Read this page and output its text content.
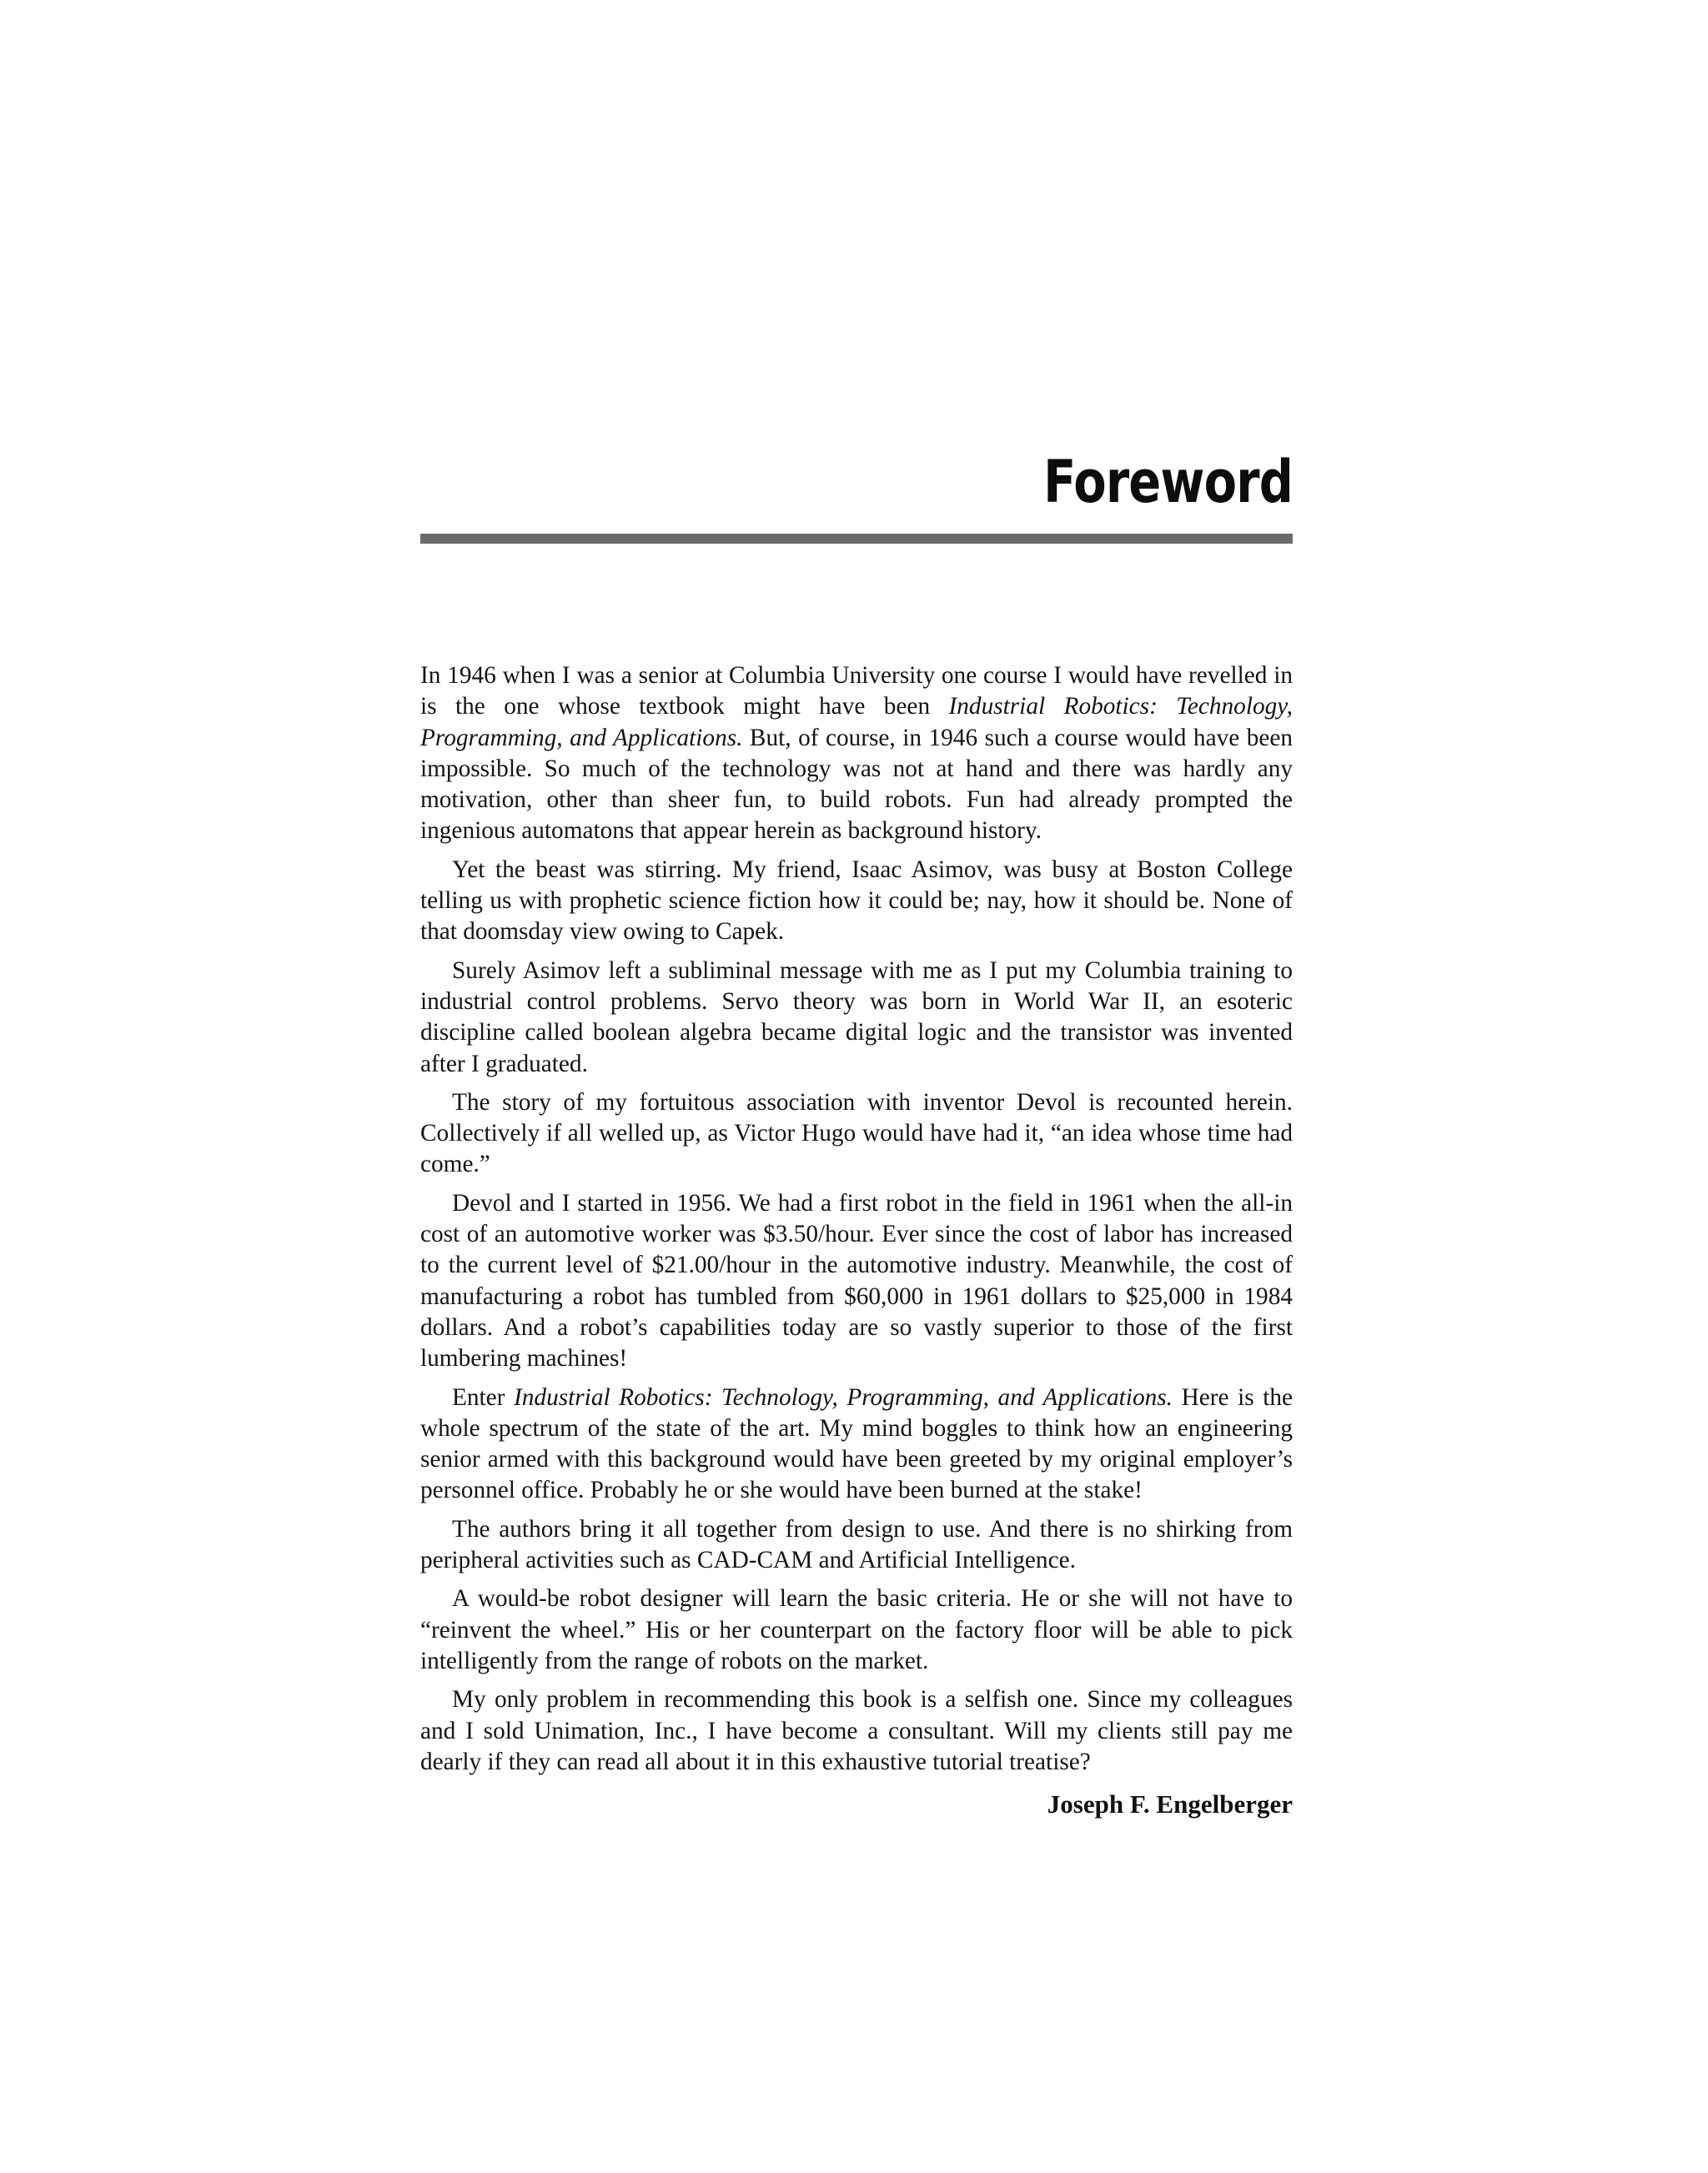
Foreword

In 1946 when I was a senior at Columbia University one course I would have revelled in is the one whose textbook might have been Industrial Robotics: Technology, Programming, and Applications. But, of course, in 1946 such a course would have been impossible. So much of the technology was not at hand and there was hardly any motivation, other than sheer fun, to build robots. Fun had already prompted the ingenious automatons that appear herein as background history.

Yet the beast was stirring. My friend, Isaac Asimov, was busy at Boston College telling us with prophetic science fiction how it could be; nay, how it should be. None of that doomsday view owing to Capek.

Surely Asimov left a subliminal message with me as I put my Columbia training to industrial control problems. Servo theory was born in World War II, an esoteric discipline called boolean algebra became digital logic and the transistor was invented after I graduated.

The story of my fortuitous association with inventor Devol is recounted herein. Collectively if all welled up, as Victor Hugo would have had it, “an idea whose time had come.”

Devol and I started in 1956. We had a first robot in the field in 1961 when the all-in cost of an automotive worker was $3.50/hour. Ever since the cost of labor has increased to the current level of $21.00/hour in the automotive industry. Meanwhile, the cost of manufacturing a robot has tumbled from $60,000 in 1961 dollars to $25,000 in 1984 dollars. And a robot’s capabilities today are so vastly superior to those of the first lumbering machines!

Enter Industrial Robotics: Technology, Programming, and Applications. Here is the whole spectrum of the state of the art. My mind boggles to think how an engineering senior armed with this background would have been greeted by my original employer’s personnel office. Probably he or she would have been burned at the stake!

The authors bring it all together from design to use. And there is no shirking from peripheral activities such as CAD-CAM and Artificial Intelligence.

A would-be robot designer will learn the basic criteria. He or she will not have to “reinvent the wheel.” His or her counterpart on the factory floor will be able to pick intelligently from the range of robots on the market.

My only problem in recommending this book is a selfish one. Since my colleagues and I sold Unimation, Inc., I have become a consultant. Will my clients still pay me dearly if they can read all about it in this exhaustive tutorial treatise?

Joseph F. Engelberger
